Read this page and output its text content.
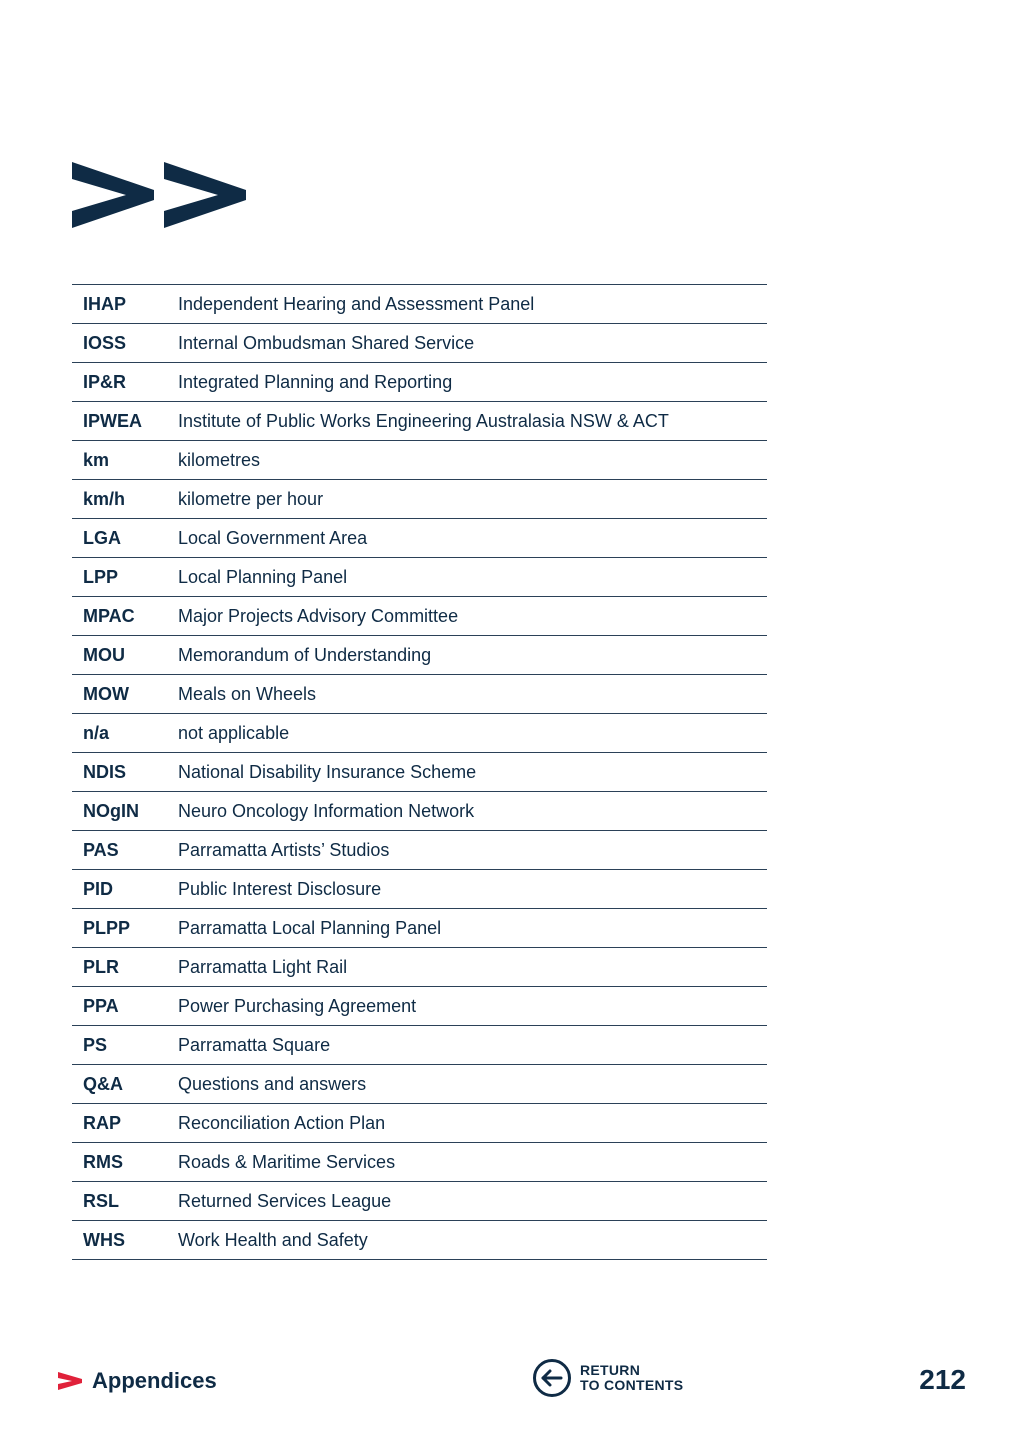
IHAP	Independent Hearing and Assessment Panel
IOSS	Internal Ombudsman Shared Service
IP&R	Integrated Planning and Reporting
IPWEA	Institute of Public Works Engineering Australasia NSW & ACT
km	kilometres
km/h	kilometre per hour
LGA	Local Government Area
LPP	Local Planning Panel
MPAC	Major Projects Advisory Committee
MOU	Memorandum of Understanding
MOW	Meals on Wheels
n/a	not applicable
NDIS	National Disability Insurance Scheme
NOgIN	Neuro Oncology Information Network
PAS	Parramatta Artists’ Studios
PID	Public Interest Disclosure
PLPP	Parramatta Local Planning Panel
PLR	Parramatta Light Rail
PPA	Power Purchasing Agreement
PS	Parramatta Square
Q&A	Questions and answers
RAP	Reconciliation Action Plan
RMS	Roads & Maritime Services
RSL	Returned Services League
WHS	Work Health and Safety
Appendices	RETURN
TO CONTENTS	212
